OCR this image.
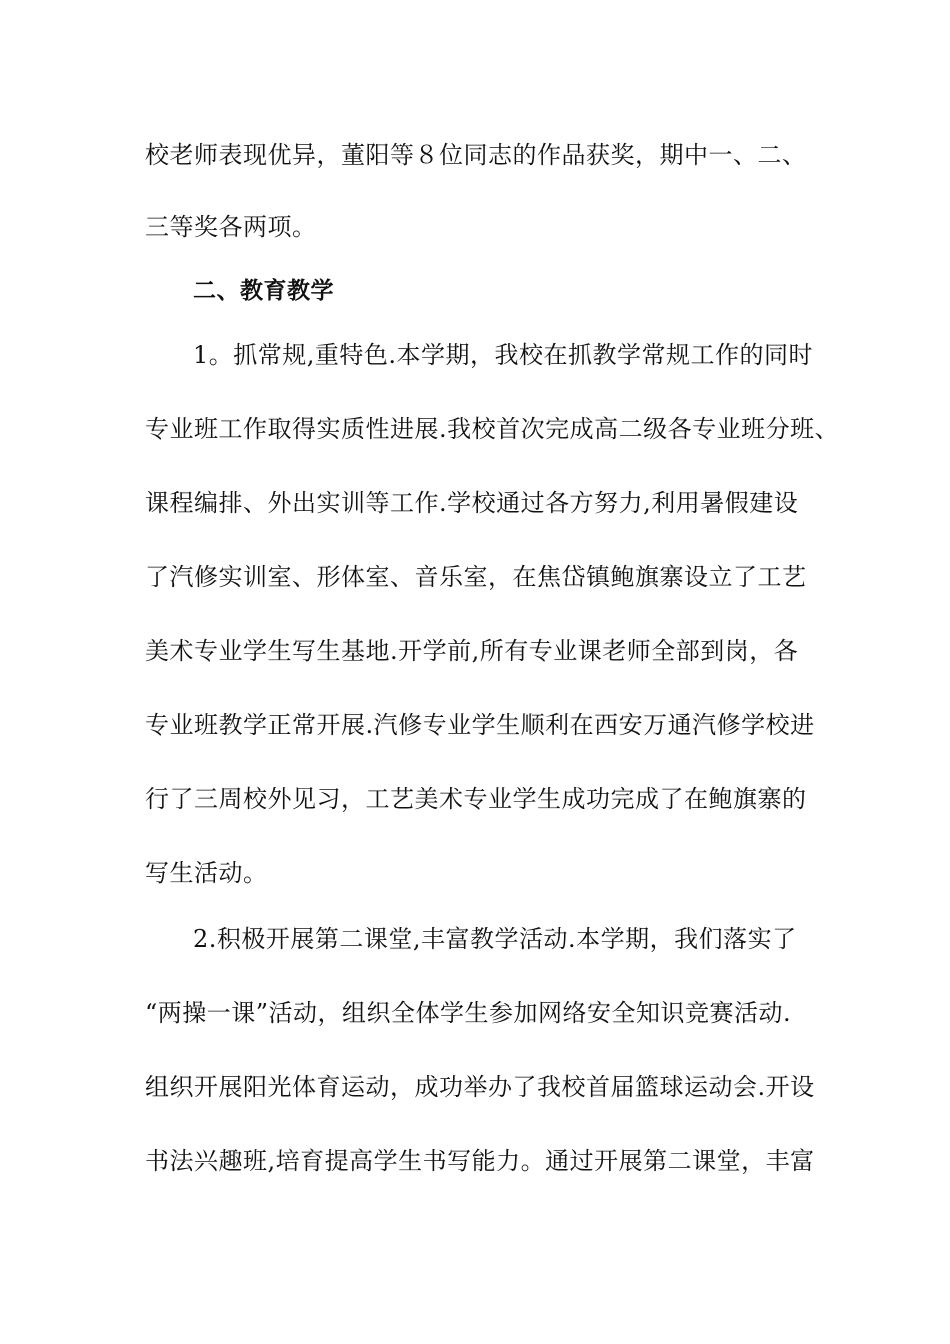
校老师表现优异，董阳等８位同志的作品获奖，期中一、二、
三等奖各两项。
二、教育教学
1。抓常规,重特色.本学期，我校在抓教学常规工作的同时
专业班工作取得实质性进展.我校首次完成高二级各专业班分班、
课程编排、外出实训等工作.学校通过各方努力,利用暑假建设
了汽修实训室、形体室、音乐室，在焦岱镇鲍旗寨设立了工艺
美术专业学生写生基地.开学前,所有专业课老师全部到岗，各
专业班教学正常开展.汽修专业学生顺利在西安万通汽修学校进
行了三周校外见习，工艺美术专业学生成功完成了在鲍旗寨的
写生活动。
2.积极开展第二课堂,丰富教学活动.本学期，我们落实了
“两操一课”活动，组织全体学生参加网络安全知识竞赛活动.
组织开展阳光体育运动，成功举办了我校首届篮球运动会.开设
书法兴趣班,培育提高学生书写能力。通过开展第二课堂，丰富
